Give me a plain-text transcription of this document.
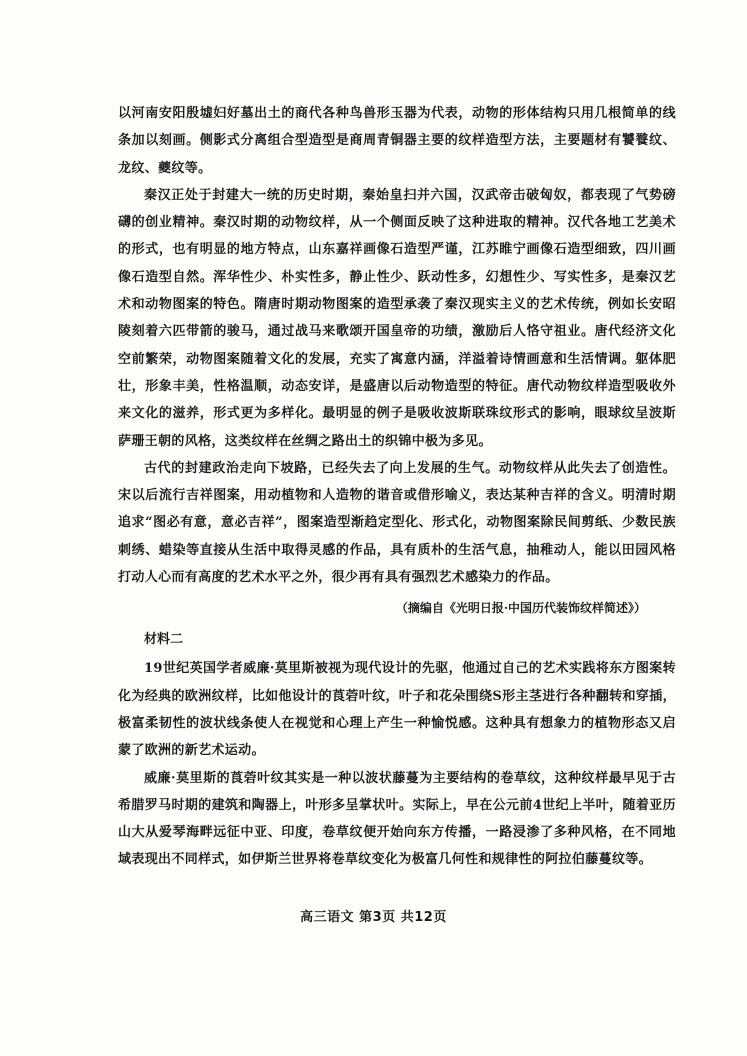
以河南安阳殷墟妇好墓出土的商代各种鸟兽形玉器为代表，动物的形体结构只用几根简单的线条加以刻画。侧影式分离组合型造型是商周青铜器主要的纹样造型方法，主要题材有饕餮纹、龙纹、夔纹等。

秦汉正处于封建大一统的历史时期，秦始皇扫并六国，汉武帝击破匈奴，都表现了气势磅礴的创业精神。秦汉时期的动物纹样，从一个侧面反映了这种进取的精神。汉代各地工艺美术的形式，也有明显的地方特点，山东嘉祥画像石造型严谨，江苏睢宁画像石造型细致，四川画像石造型自然。浑华性少、朴实性多，静止性少、跃动性多，幻想性少、写实性多，是秦汉艺术和动物图案的特色。隋唐时期动物图案的造型承袭了秦汉现实主义的艺术传统，例如长安昭陵刻着六匹带箭的骏马，通过战马来歌颂开国皇帝的功绩，激励后人恪守祖业。唐代经济文化空前繁荣，动物图案随着文化的发展，充实了寓意内涵，洋溢着诗情画意和生活情调。躯体肥壮，形象丰美，性格温顺，动态安详，是盛唐以后动物造型的特征。唐代动物纹样造型吸收外来文化的滋养，形式更为多样化。最明显的例子是吸收波斯联珠纹形式的影响，眼球纹呈波斯萨珊王朝的风格，这类纹样在丝绸之路出土的织锦中极为多见。

古代的封建政治走向下坡路，已经失去了向上发展的生气。动物纹样从此失去了创造性。宋以后流行吉祥图案，用动植物和人造物的谐音或借形喻义，表达某种吉祥的含义。明清时期追求“图必有意，意必吉祥”，图案造型渐趋定型化、形式化，动物图案除民间剪纸、少数民族刺绣、蜡染等直接从生活中取得灵感的作品，具有质朴的生活气息，抽稚动人，能以田园风格打动人心而有高度的艺术水平之外，很少再有具有强烈艺术感染力的作品。

（摘编自《光明日报·中国历代装饰纹样简述》）
材料二

19世纪英国学者威廉·莫里斯被视为现代设计的先驱，他通过自己的艺术实践将东方图案转化为经典的欧洲纹样，比如他设计的莨菪叶纹，叶子和花朵围绕S形主茎进行各种翻转和穿插，极富柔韧性的波状线条使人在视觉和心理上产生一种愉悦感。这种具有想象力的植物形态又启蒙了欧洲的新艺术运动。

威廉·莫里斯的莨菪叶纹其实是一种以波状藤蔓为主要结构的卷草纹，这种纹样最早见于古希腊罗马时期的建筑和陶器上，叶形多呈掌状叶。实际上，早在公元前4世纪上半叶，随着亚历山大从爱琴海畔远征中亚、印度，卷草纹便开始向东方传播，一路浸渗了多种风格，在不同地域表现出不同样式，如伊斯兰世界将卷草纹变化为极富几何性和规律性的阿拉伯藤蔓纹等。

高三语文 第3页 共12页
